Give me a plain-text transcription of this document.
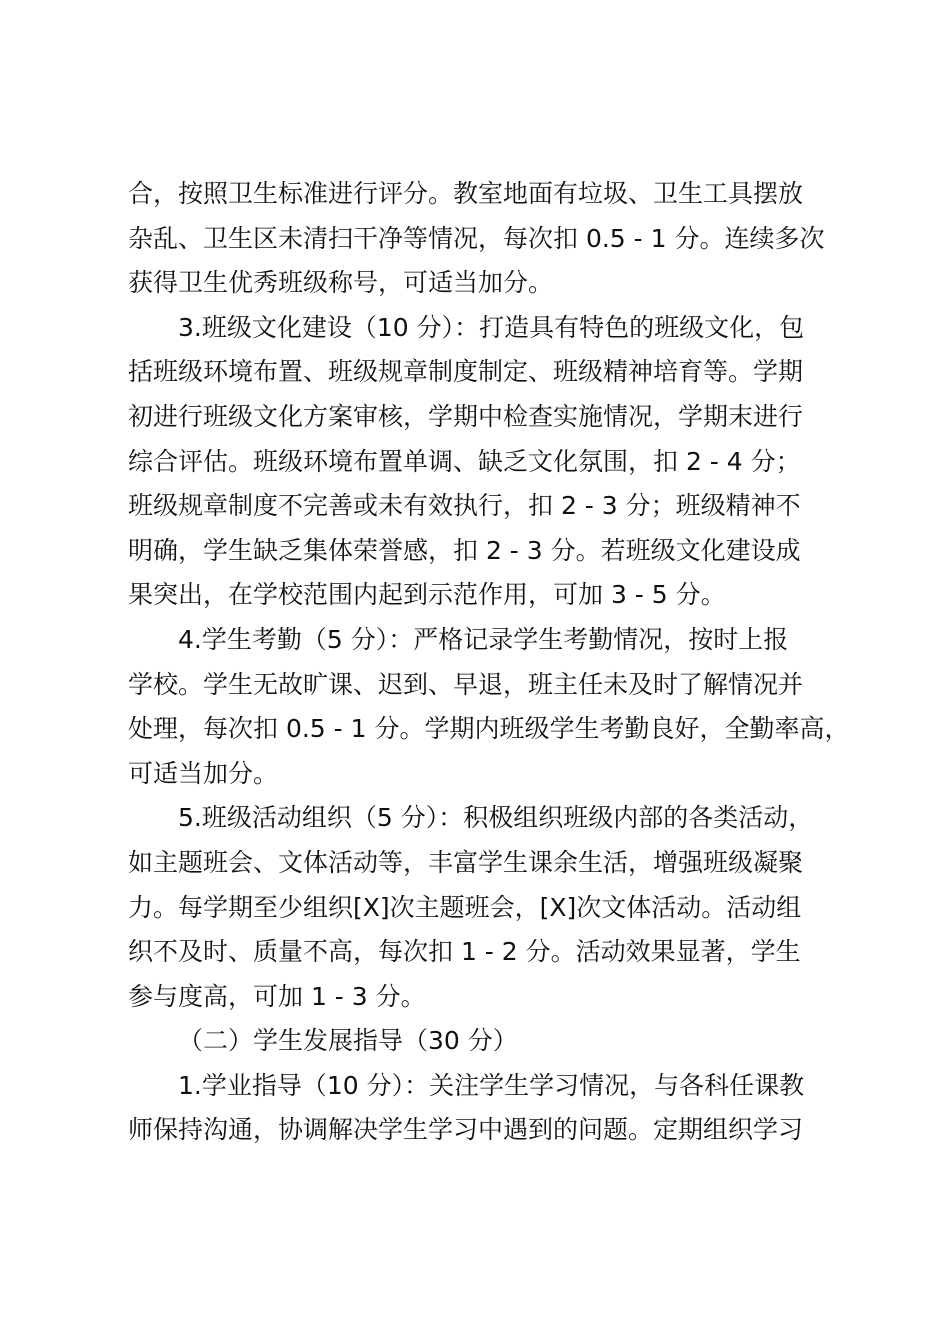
合，按照卫生标准进行评分。教室地面有垃圾、卫生工具摆放
杂乱、卫生区未清扫干净等情况，每次扣 0.5 - 1 分。连续多次
获得卫生优秀班级称号，可适当加分。
3.班级文化建设（10 分）：打造具有特色的班级文化，包
括班级环境布置、班级规章制度制定、班级精神培育等。学期
初进行班级文化方案审核，学期中检查实施情况，学期末进行
综合评估。班级环境布置单调、缺乏文化氛围，扣 2 - 4 分；
班级规章制度不完善或未有效执行，扣 2 - 3 分；班级精神不
明确，学生缺乏集体荣誉感，扣 2 - 3 分。若班级文化建设成
果突出，在学校范围内起到示范作用，可加 3 - 5 分。
4.学生考勤（5 分）：严格记录学生考勤情况，按时上报
学校。学生无故旷课、迟到、早退，班主任未及时了解情况并
处理，每次扣 0.5 - 1 分。学期内班级学生考勤良好，全勤率高，
可适当加分。
5.班级活动组织（5 分）：积极组织班级内部的各类活动，
如主题班会、文体活动等，丰富学生课余生活，增强班级凝聚
力。每学期至少组织[X]次主题班会，[X]次文体活动。活动组
织不及时、质量不高，每次扣 1 - 2 分。活动效果显著，学生
参与度高，可加 1 - 3 分。
（二）学生发展指导（30 分）
1.学业指导（10 分）：关注学生学习情况，与各科任课教
师保持沟通，协调解决学生学习中遇到的问题。定期组织学习
